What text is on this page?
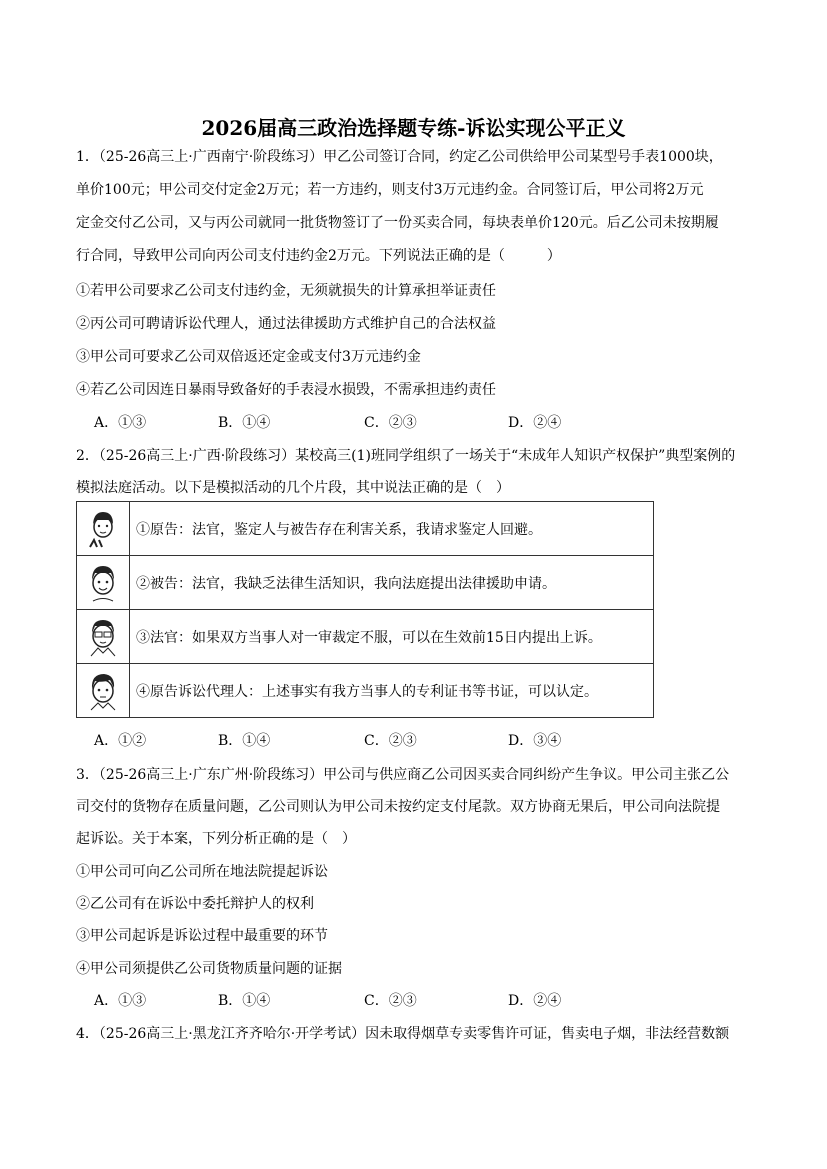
2026届高三政治选择题专练-诉讼实现公平正义
1．（25-26高三上·广西南宁·阶段练习）甲乙公司签订合同，约定乙公司供给甲公司某型号手表1000块，
单价100元；甲公司交付定金2万元；若一方违约，则支付3万元违约金。合同签订后，甲公司将2万元
定金交付乙公司，又与丙公司就同一批货物签订了一份买卖合同，每块表单价120元。后乙公司未按期履
行合同，导致甲公司向丙公司支付违约金2万元。下列说法正确的是（　　　）
①若甲公司要求乙公司支付违约金，无须就损失的计算承担举证责任
②丙公司可聘请诉讼代理人，通过法律援助方式维护自己的合法权益
③甲公司可要求乙公司双倍返还定金或支付3万元违约金
④若乙公司因连日暴雨导致备好的手表浸水损毁，不需承担违约责任
A．①③	B．①④	C．②③	D．②④
2．（25-26高三上·广西·阶段练习）某校高三(1)班同学组织了一场关于“未成年人知识产权保护”典型案例的
模拟法庭活动。以下是模拟活动的几个片段，其中说法正确的是（　）
	①原告：法官，鉴定人与被告存在利害关系，我请求鉴定人回避。

	②被告：法官，我缺乏法律生活知识，我向法庭提出法律援助申请。

	③法官：如果双方当事人对一审裁定不服，可以在生效前15日内提出上诉。

	④原告诉讼代理人：上述事实有我方当事人的专利证书等书证，可以认定。
A．①②	B．①④	C．②③	D．③④
3．（25-26高三上·广东广州·阶段练习）甲公司与供应商乙公司因买卖合同纠纷产生争议。甲公司主张乙公
司交付的货物存在质量问题，乙公司则认为甲公司未按约定支付尾款。双方协商无果后，甲公司向法院提
起诉讼。关于本案，下列分析正确的是（　）
①甲公司可向乙公司所在地法院提起诉讼
②乙公司有在诉讼中委托辩护人的权利
③甲公司起诉是诉讼过程中最重要的环节
④甲公司须提供乙公司货物质量问题的证据
A．①③	B．①④	C．②③	D．②④
4．（25-26高三上·黑龙江齐齐哈尔·开学考试）因未取得烟草专卖零售许可证，售卖电子烟，非法经营数额
